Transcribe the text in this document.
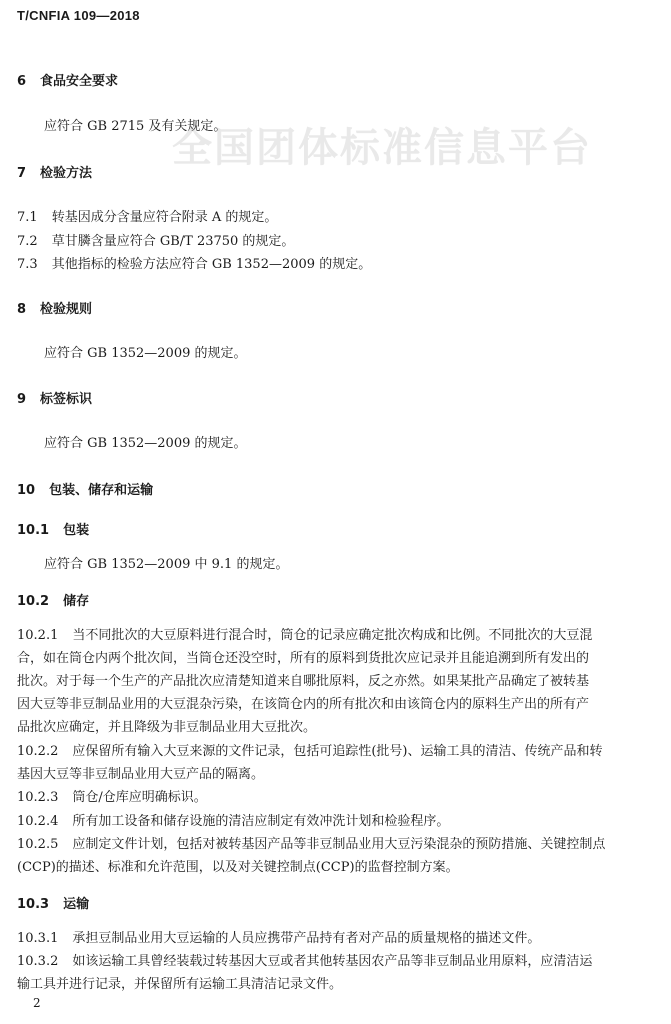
T/CNFIA 109—2018
全国团体标准信息平台
6 食品安全要求
应符合 GB 2715 及有关规定。
7 检验方法
7.1 转基因成分含量应符合附录 A 的规定。
7.2 草甘膦含量应符合 GB/T 23750 的规定。
7.3 其他指标的检验方法应符合 GB 1352—2009 的规定。
8 检验规则
应符合 GB 1352—2009 的规定。
9 标签标识
应符合 GB 1352—2009 的规定。
10 包装、储存和运输
10.1 包装
应符合 GB 1352—2009 中 9.1 的规定。
10.2 储存
10.2.1 当不同批次的大豆原料进行混合时，筒仓的记录应确定批次构成和比例。不同批次的大豆混
合，如在筒仓内两个批次间，当筒仓还没空时，所有的原料到货批次应记录并且能追溯到所有发出的
批次。对于每一个生产的产品批次应清楚知道来自哪批原料，反之亦然。如果某批产品确定了被转基
因大豆等非豆制品业用的大豆混杂污染，在该筒仓内的所有批次和由该筒仓内的原料生产出的所有产
品批次应确定，并且降级为非豆制品业用大豆批次。
10.2.2 应保留所有输入大豆来源的文件记录，包括可追踪性(批号)、运输工具的清洁、传统产品和转
基因大豆等非豆制品业用大豆产品的隔离。
10.2.3 筒仓/仓库应明确标识。
10.2.4 所有加工设备和储存设施的清洁应制定有效冲洗计划和检验程序。
10.2.5 应制定文件计划，包括对被转基因产品等非豆制品业用大豆污染混杂的预防措施、关键控制点
(CCP)的描述、标准和允许范围，以及对关键控制点(CCP)的监督控制方案。
10.3 运输
10.3.1 承担豆制品业用大豆运输的人员应携带产品持有者对产品的质量规格的描述文件。
10.3.2 如该运输工具曾经装载过转基因大豆或者其他转基因农产品等非豆制品业用原料，应清洁运
输工具并进行记录，并保留所有运输工具清洁记录文件。
2
